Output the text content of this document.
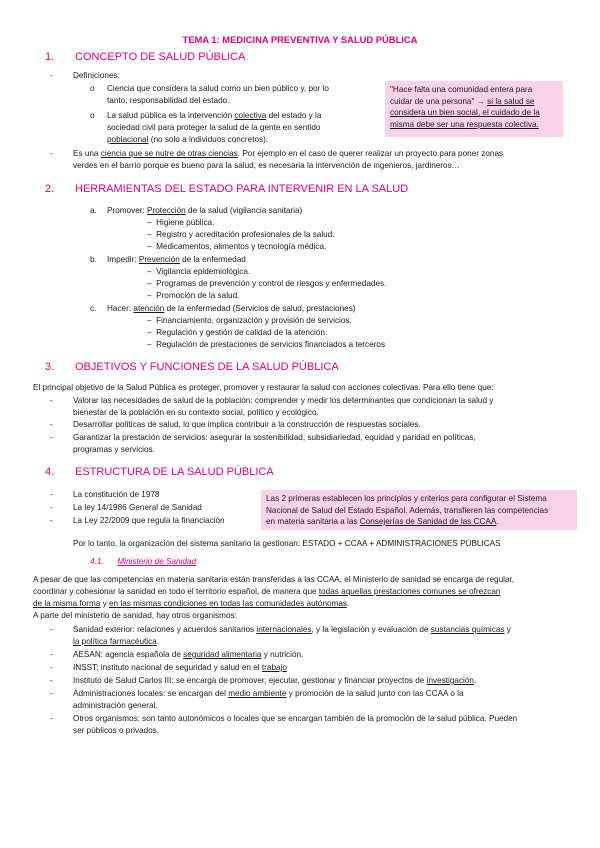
TEMA 1: MEDICINA PREVENTIVA Y SALUD PÚBLICA
1. CONCEPTO DE SALUD PÚBLICA
- Definiciones:
o Ciencia que considera la salud como un bien público y, por lo
tanto, responsabilidad del estado.
o La salud pública es la intervención colectiva del estado y la
sociedad civil para proteger la salud de la gente en sentido
poblacional (no solo a individuos concretos).
"Hace falta una comunidad entera para
cuidar de una persona" → si la salud se
considera un bien social, el cuidado de la
misma debe ser una respuesta colectiva.
- Es una ciencia que se nutre de otras ciencias. Por ejemplo en el caso de querer realizar un proyecto para poner zonas
verdes en el barrio porque es bueno para la salud, es necesaria la intervención de ingenieros, jardineros…
2. HERRAMIENTAS DEL ESTADO PARA INTERVENIR EN LA SALUD
a. Promover: Protección de la salud (vigilancia sanitaria)
–  Higiene pública.
–  Registro y acreditación profesionales de la salud.
–  Medicamentos, alimentos y tecnología médica.
b. Impedir: Prevención de la enfermedad
–  Vigilancia epidemiológica.
–  Programas de prevención y control de riesgos y enfermedades.
–  Promoción de la salud.
c. Hacer: atención de la enfermedad (Servicios de salud, prestaciones)
–  Financiamiento, organización y provisión de servicios.
–  Regulación y gestión de calidad de la atención.
–  Regulación de prestaciones de servicios financiados a terceros
3. OBJETIVOS Y FUNCIONES DE LA SALUD PÚBLICA
El principal objetivo de la Salud Pública es proteger, promover y restaurar la salud con acciones colectivas. Para ello tiene que:
- Valorar las necesidades de salud de la población: comprender y medir los determinantes que condicionan la salud y
bienestar de la población en su contexto social, político y ecológico.
- Desarrollar políticas de salud, lo que implica contribuir a la construcción de respuestas sociales.
- Garantizar la prestación de servicios: asegurar la sostenibilidad, subsidiariedad, equidad y paridad en políticas,
programas y servicios.
4. ESTRUCTURA DE LA SALUD PÚBLICA
- La constitución de 1978
- La ley 14/1986 General de Sanidad
- La Ley 22/2009 que regula la financiación
Las 2 primeras establecen los principios y criterios para configurar el Sistema
Nacional de Salud del Estado Español. Además, transfieren las competencias
en materia sanitaria a las Consejerías de Sanidad de las CCAA.
Por lo tanto, la organización del sistema sanitario la gestionan: ESTADO + CCAA + ADMINISTRACIONES PÚBLICAS
4.1. Ministerio de Sanidad
A pesar de que las competencias en materia sanitaria están transferidas a las CCAA, el Ministerio de sanidad se encarga de regular,
coordinar y cohesionar la sanidad en todo el territorio español, de manera que todas aquellas prestaciones comunes se ofrezcan
de la misma forma y en las mismas condiciones en todas las comunidades autónomas.
A parte del ministerio de sanidad, hay otros organismos:
- Sanidad exterior: relaciones y acuerdos sanitarios internacionales, y la legislación y evaluación de sustancias químicas y
la política farmacéutica.
- AESAN: agencia española de seguridad alimentaria y nutrición.
- INSST: instituto nacional de seguridad y salud en el trabajo
- Instituto de Salud Carlos III: se encarga de promover, ejecutar, gestionar y financiar proyectos de investigación.
- Administraciones locales: se encargan del medio ambiente y promoción de la salud junto con las CCAA o la
administración general.
- Otros organismos: son tanto autonómicos o locales que se encargan también de la promoción de la salud pública. Pueden
ser públicos o privados.
